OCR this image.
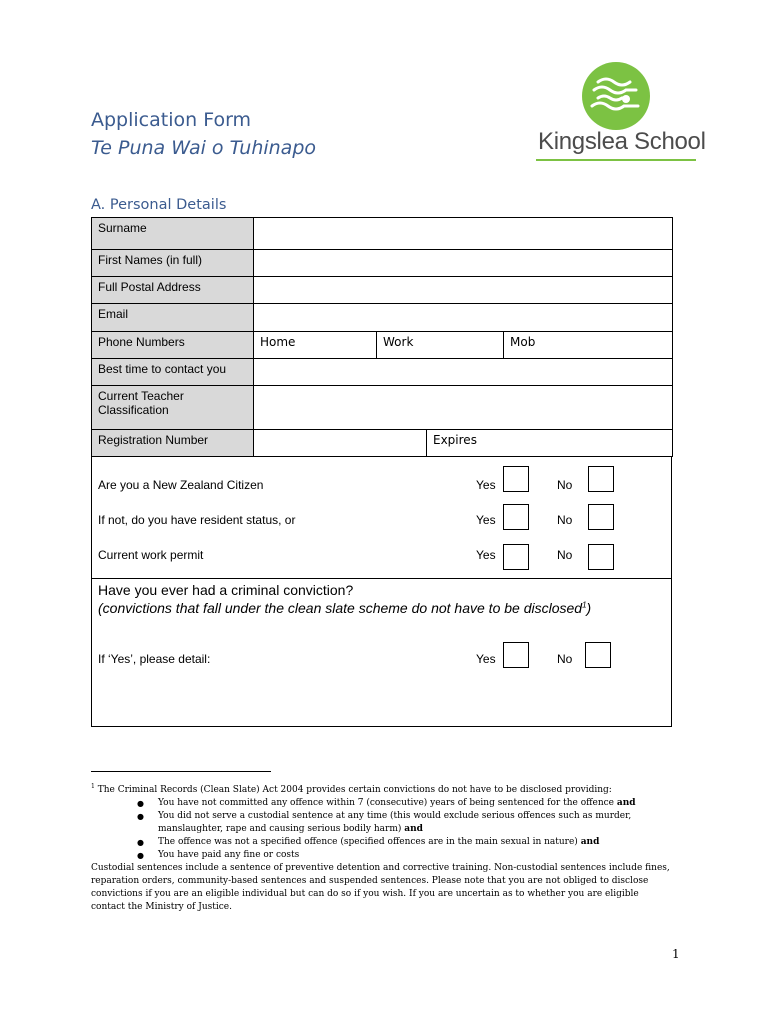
Application Form
Te Puna Wai o Tuhinapo	Kingslea School
A. Personal Details
Surname				
First Names (in full)				
Full Postal Address				
Email				
Phone Numbers	Home	Work		Mob
Best time to contact you				
Current Teacher Classification				
Registration Number			Expires	
Are you a New Zealand Citizen	Yes	No
If not, do you have resident status, or	Yes	No
Current work permit	Yes	No
Have you ever had a criminal conviction?
(convictions that fall under the clean slate scheme do not have to be disclosed$^1$)
If ‘Yes’, please detail:	Yes	No
$^1$ The Criminal Records (Clean Slate) Act 2004 provides certain convictions do not have to be disclosed providing:
● You have not committed any offence within 7 (consecutive) years of being sentenced for the offence and
● You did not serve a custodial sentence at any time (this would exclude serious offences such as murder,
manslaughter, rape and causing serious bodily harm) and
● The offence was not a specified offence (specified offences are in the main sexual in nature) and
● You have paid any fine or costs
Custodial sentences include a sentence of preventive detention and corrective training. Non-custodial sentences include fines, reparation orders, community-based sentences and suspended sentences. Please note that you are not obliged to disclose convictions if you are an eligible individual but can do so if you wish. If you are uncertain as to whether you are eligible contact the Ministry of Justice.
1
